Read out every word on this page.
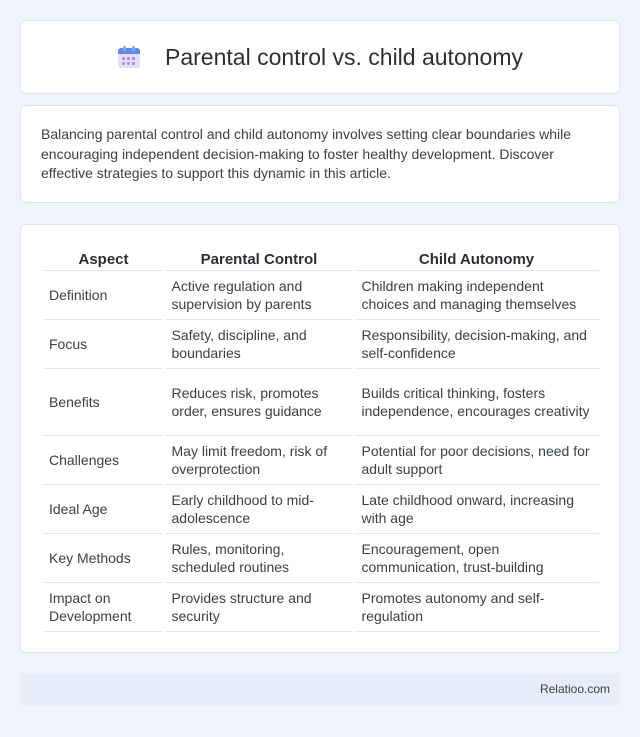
Parental control vs. child autonomy

Balancing parental control and child autonomy involves setting clear boundaries while encouraging independent decision-making to foster healthy development. Discover effective strategies to support this dynamic in this article.

Aspect	Parental Control	Child Autonomy
Definition	Active regulation and supervision by parents	Children making independent choices and managing themselves
Focus	Safety, discipline, and boundaries	Responsibility, decision-making, and self-confidence
Benefits	Reduces risk, promotes order, ensures guidance	Builds critical thinking, fosters independence, encourages creativity
Challenges	May limit freedom, risk of overprotection	Potential for poor decisions, need for adult support
Ideal Age	Early childhood to mid-adolescence	Late childhood onward, increasing with age
Key Methods	Rules, monitoring, scheduled routines	Encouragement, open communication, trust-building
Impact on Development	Provides structure and security	Promotes autonomy and self-regulation
Relatioo.com
